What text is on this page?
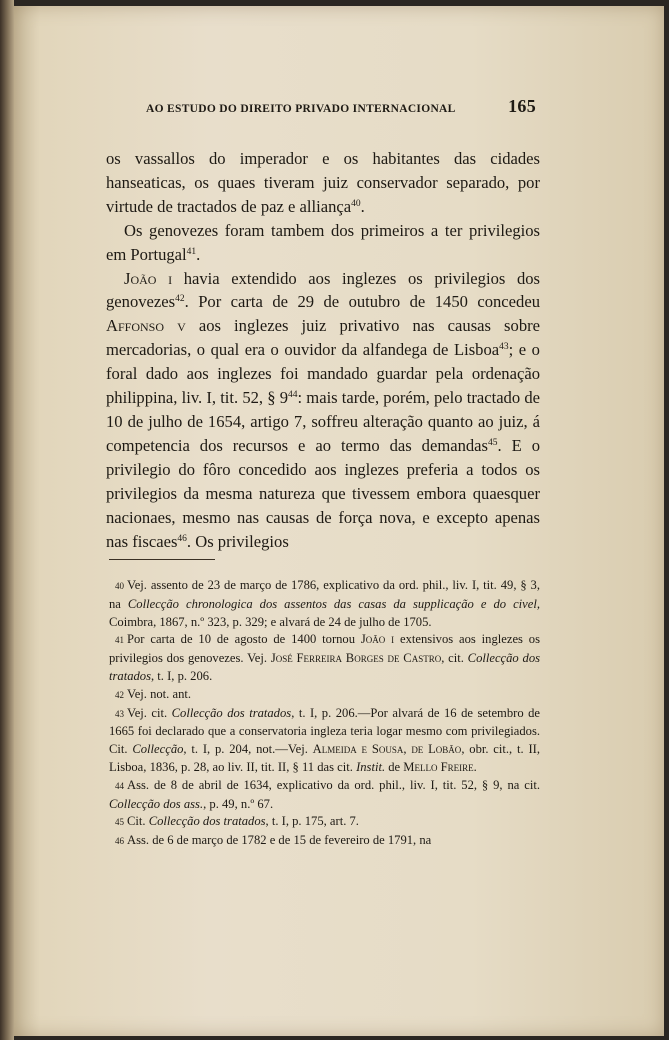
AO ESTUDO DO DIREITO PRIVADO INTERNACIONAL	165

os vassallos do imperador e os habitantes das cidades hanseaticas, os quaes tiveram juiz conservador separado, por virtude de tractados de paz e alliança$^{40}$.

Os genovezes foram tambem dos primeiros a ter privilegios em Portugal$^{41}$.

João i havia extendido aos inglezes os privilegios dos genovezes$^{42}$. Por carta de 29 de outubro de 1450 concedeu Affonso v aos inglezes juiz privativo nas causas sobre mercadorias, o qual era o ouvidor da alfandega de Lisboa$^{43}$; e o foral dado aos inglezes foi mandado guardar pela ordenação philippina, liv. I, tit. 52, § $9^{44}$: mais tarde, porém, pelo tractado de 10 de julho de 1654, artigo 7, soffreu alteração quanto ao juiz, á competencia dos recursos e ao termo das demandas$^{45}$. E o privilegio do fôro concedido aos inglezes preferia a todos os privilegios da mesma natureza que tivessem embora quaesquer nacionaes, mesmo nas causas de força nova, e excepto apenas nas fiscaes$^{46}$. Os privilegios

40 Vej. assento de 23 de março de 1786, explicativo da ord. phil., liv. I, tit. 49, § 3, na Collecção chronologica dos assentos das casas da supplicação e do civel, Coimbra, 1867, n.º 323, p. 329; e alvará de 24 de julho de 1705.

41 Por carta de 10 de agosto de 1400 tornou João i extensivos aos inglezes os privilegios dos genovezes. Vej. José Ferreira Borges de Castro, cit. Collecção dos tratados, t. I, p. 206.

42 Vej. not. ant.

43 Vej. cit. Collecção dos tratados, t. I, p. 206.—Por alvará de 16 de setembro de 1665 foi declarado que a conservatoria ingleza teria logar mesmo com privilegiados. Cit. Collecção, t. I, p. 204, not.—Vej. Almeida e Sousa, de Lobão, obr. cit., t. II, Lisboa, 1836, p. 28, ao liv. II, tit. II, § 11 das cit. Instit. de Mello Freire.

44 Ass. de 8 de abril de 1634, explicativo da ord. phil., liv. I, tit. 52, § 9, na cit. Collecção dos ass., p. 49, n.º 67.

45 Cit. Collecção dos tratados, t. I, p. 175, art. 7.

46 Ass. de 6 de março de 1782 e de 15 de fevereiro de 1791, na
